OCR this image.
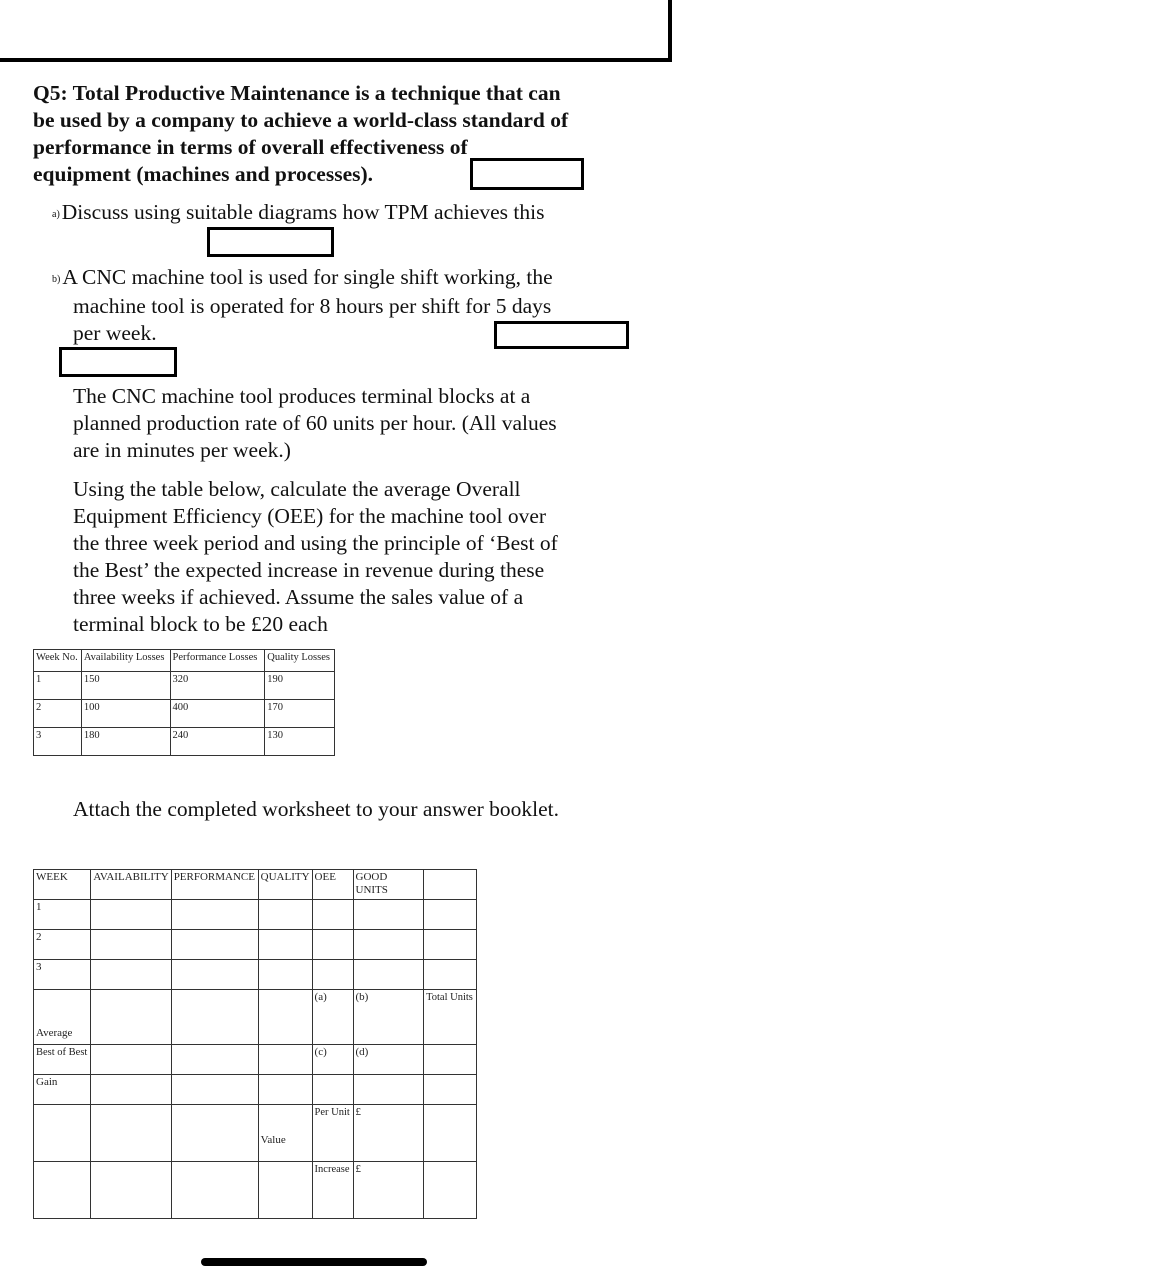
Q5: Total Productive Maintenance is a technique that can
be used by a company to achieve a world-class standard of
performance in terms of overall effectiveness of
equipment (machines and processes).
a)Discuss using suitable diagrams how TPM achieves this
b)A CNC machine tool is used for single shift working, the
machine tool is operated for 8 hours per shift for 5 days
per week.
The CNC machine tool produces terminal blocks at a
planned production rate of 60 units per hour. (All values
are in minutes per week.)
Using the table below, calculate the average Overall
Equipment Efficiency (OEE) for the machine tool over
the three week period and using the principle of ‘Best of
the Best’ the expected increase in revenue during these
three weeks if achieved. Assume the sales value of a
terminal block to be £20 each
Week No.	Availability Losses	Performance Losses	Quality Losses
1	150	320	190
2	100	400	170
3	180	240	130
Attach the completed worksheet to your answer booklet.
WEEK	AVAILABILITY	PERFORMANCE	QUALITY	OEE	GOOD UNITS	
1						
2						
3						
Average				(a)	(b)	Total Units
Best of Best				(c)	(d)	
Gain						
			Value	Per Unit	£	
				Increase	£	
